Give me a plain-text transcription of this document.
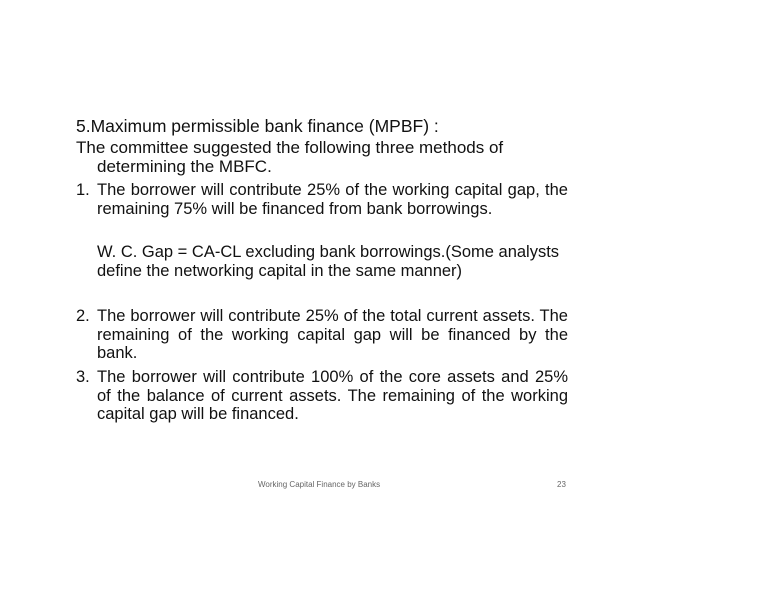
5.Maximum permissible bank finance (MPBF) :
The committee suggested the following three methods of determining the MBFC.
1. The borrower will contribute 25% of the working capital gap, the remaining 75% will be financed from bank borrowings.
W. C. Gap = CA-CL excluding bank borrowings.(Some analysts define the networking capital in the same manner)
2. The borrower will contribute 25% of the total current assets. The remaining of the working capital gap will be financed by the bank.
3. The borrower will contribute 100% of the core assets and 25% of the balance of current assets. The remaining of the working capital gap will be financed.
Working Capital Finance by Banks	23
